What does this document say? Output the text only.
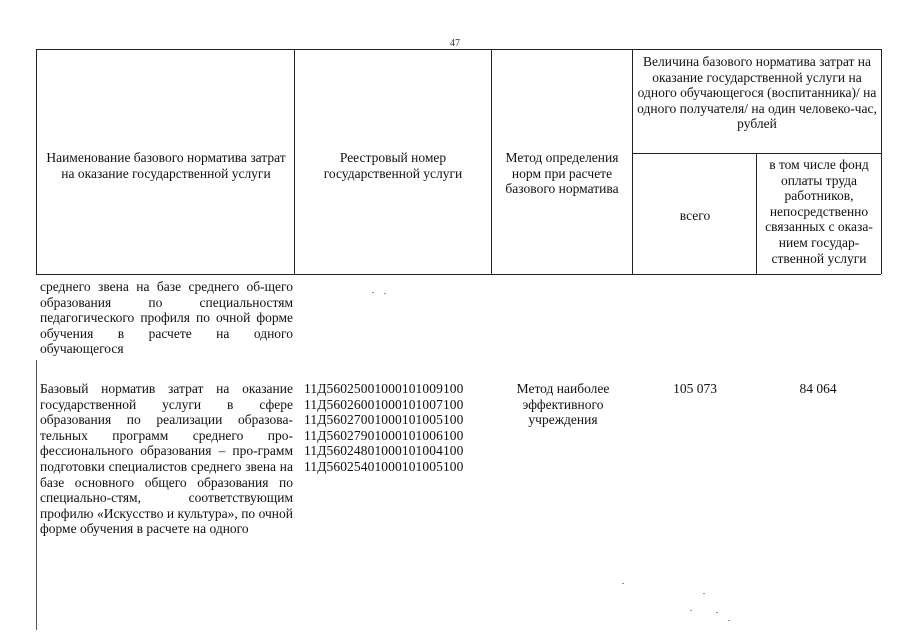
47
Наименование базового норматива затрат на оказание государственной услуги
Реестровый номер государственной услуги
Метод определения норм при расчете базового норматива
Величина базового норматива затрат на оказание государственной услуги на одного обучающегося (воспитанника)/ на одного получателя/ на один человеко-час, рублей
всего
в том числе фонд оплаты труда работников, непосредственно связанных с оказа-нием государ-ственной услуги
среднего звена на базе среднего об-щего образования по специальностям педагогического профиля по очной форме обучения в расчете на одного обучающегося
Базовый норматив затрат на оказание государственной услуги в сфере образования по реализации образова-тельных программ среднего про-фессионального образования – про-грамм подготовки специалистов среднего звена на базе основного общего образования по специально-стям, соответствующим профилю «Искусство и культура», по очной форме обучения в расчете на одного
11Д56025001000101009100
11Д56026001000101007100
11Д56027001000101005100
11Д56027901000101006100
11Д56024801000101004100
11Д56025401000101005100
Метод наиболее эффективного учреждения
105 073	84 064
